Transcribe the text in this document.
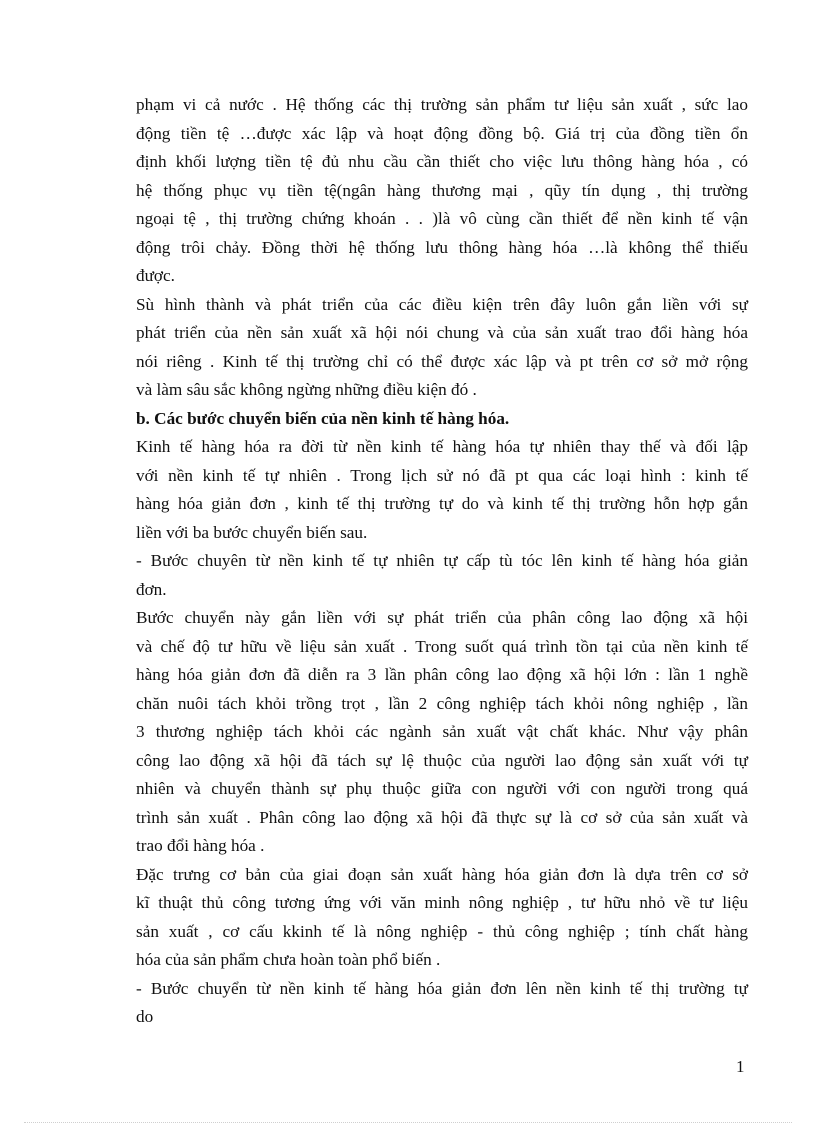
phạm vi cả nước . Hệ thống các thị trường sản phẩm tư liệu sản xuất , sức lao
động tiền tệ …được xác lập và hoạt động đồng bộ. Giá trị của đồng tiền ổn
định khối lượng tiền tệ đủ nhu cầu cần thiết cho việc lưu thông hàng hóa , có
hệ thống phục vụ tiền tệ(ngân hàng thương mại , qũy tín dụng , thị trường
ngoại tệ , thị trường chứng khoán . . )là vô cùng cần thiết để nền kinh tế vận
động trôi chảy. Đồng thời hệ thống lưu thông hàng hóa …là không thể thiếu
được.
Sù hình thành và phát triển của các điều kiện trên đây luôn gắn liền với sự
phát triển của nền sản xuất xã hội nói chung và của sản xuất trao đổi hàng hóa
nói riêng . Kinh tế thị trường chỉ có thể được xác lập và pt trên cơ sở mở rộng
và làm sâu sắc không ngừng những điều kiện đó .
b. Các bước chuyển biến của nền kinh tế hàng hóa.
Kinh tế hàng hóa ra đời từ nền kinh tế hàng hóa tự nhiên thay thế và đối lập
với nền kinh tế tự nhiên . Trong lịch sử nó đã pt qua các loại hình : kinh tế
hàng hóa giản đơn , kinh tế thị trường tự do và kinh tế thị trường hỗn hợp gắn
liền với ba bước chuyển biến sau.
- Bước chuyên từ nền kinh tế tự nhiên tự cấp tù tóc lên kinh tế hàng hóa giản
đơn.
Bước chuyển này gắn liền với sự phát triển của phân công lao động xã hội
và chế độ tư hữu về liệu sản xuất . Trong suốt quá trình tồn tại của nền kinh tế
hàng hóa giản đơn đã diễn ra 3 lần phân công lao động xã hội lớn : lần 1 nghề
chăn nuôi tách khỏi trồng trọt , lần 2 công nghiệp tách khỏi nông nghiệp , lần
3 thương nghiệp tách khỏi các ngành sản xuất vật chất khác. Như vậy phân
công lao động xã hội đã tách sự lệ thuộc của người lao động sản xuất với tự
nhiên và chuyển thành sự phụ thuộc giữa con người với con người trong quá
trình sản xuất . Phân công lao động xã hội đã thực sự là cơ sở của sản xuất và
trao đổi hàng hóa .
Đặc trưng cơ bản của giai đoạn sản xuất hàng hóa giản đơn là dựa trên cơ sở
kĩ thuật thủ công tương ứng với văn minh nông nghiệp , tư hữu nhỏ về tư liệu
sản xuất , cơ cấu kkinh tế là nông nghiệp - thủ công nghiệp ; tính chất hàng
hóa của sản phẩm chưa hoàn toàn phổ biến .
- Bước chuyển từ nền kinh tế hàng hóa giản đơn lên nền kinh tế thị trường tự
do
1
